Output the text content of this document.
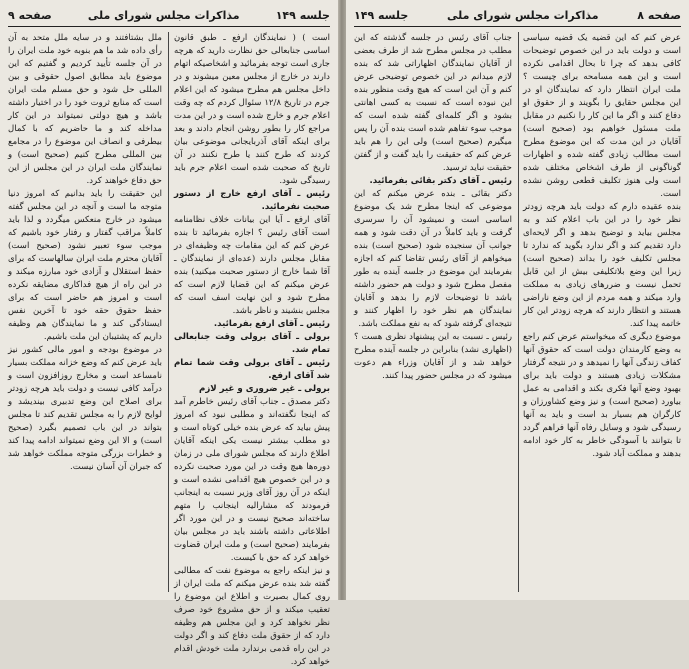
جلسه ۱۴۹
مذاکرات مجلس شورای ملی
صفحه ۹

است ) ( نمایندگان ارفع ـ طبق قانون اساسی جنابعالی حق نظارت دارید که هرچه جاری است توجه بفرمائید و اشخاصیکه اتهام دارند در خارج از مجلس معین میشوند و در داخل مجلس هم مطرح میشود که این اعلام جرم در تاریخ ۱۲/۸ سئوال کردم که چه وقت اعلام جرم و خارج شده است و در این مدت مراجع کار را بطور روشن انجام دادند و بعد برای اینکه آقای آذربایجانی موضوعی بیان کردند که طرح کنند یا طرح نکنند در آن تاریخ که صحبت شده است اعلام جرم باید رسیدگی شود.

رئیس ـ آقای ارفع خارج از دستور صحبت نفرمائید.

آقای ارفع ـ آیا این بیانات خلاف نظامنامه است آقای رئیس ؟ اجازه بفرمائید تا بنده عرض کنم که این مقامات چه وظیفه‌ای در مقابل مجلس دارند (عده‌ای از نمایندگان ـ آقا شما خارج از دستور صحبت میکنید) بنده عرض میکنم که این قضایا لازم است که مطرح شود و این نهایت اسف است که مجلس بنشیند و ناظر باشد.

رئیس ـ آقای ارفع بفرمائید.

برولی ـ آقای برولی وقت جنابعالی تمام شد.

رئیس ـ آقای برولی وقت شما تمام شد آقای ارفع.

برولی ـ غیر ضروری و غیر لازم

دکتر مصدق ـ جناب آقای رئیس خاطرم آمد که اینجا نگفته‌اند و مطلبی نبود که امروز پیش بیاید که عرض بنده خیلی کوتاه است و دو مطلب بیشتر نیست یکی اینکه آقایان اطلاع دارند که مجلس شورای ملی در زمان دوره‌ها هیچ وقت در این مورد صحبت نکرده و در این خصوص هیچ اقدامی نشده است و اینکه در آن روز آقای وزیر نسبت به اینجانب فرمودند که مشارالیه اینجانب را متهم ساخته‌اند صحیح نیست و در این مورد اگر اطلاعاتی داشته باشند باید در مجلس بیان بفرمایند (صحیح است) و ملت ایران قضاوت خواهد کرد که حق با کیست.

و نیز اینکه راجع به موضوع نفت که مطالبی گفته شد بنده عرض میکنم که ملت ایران از روی کمال بصیرت و اطلاع این موضوع را تعقیب میکند و از حق مشروع خود صرف نظر نخواهد کرد و این مجلس هم وظیفه دارد که از حقوق ملت دفاع کند و اگر دولت در این راه قدمی برندارد ملت خودش اقدام خواهد کرد.

ملل بشتافتند و در سایه ملل متحد به آن رأی داده شد ما هم بنوبه خود ملت ایران را در آن جلسه تأیید کردیم و گفتیم که این موضوع باید مطابق اصول حقوقی و بین المللی حل شود و حق مسلم ملت ایران است که منابع ثروت خود را در اختیار داشته باشد و هیچ دولتی نمیتواند در این کار مداخله کند و ما حاضریم که با کمال بیطرفی و انصاف این موضوع را در مجامع بین المللی مطرح کنیم (صحیح است) و نمایندگان ملت ایران در این مجلس از این حق دفاع خواهند کرد.

این حقیقت را باید بدانیم که امروز دنیا متوجه ما است و آنچه در این مجلس گفته میشود در خارج منعکس میگردد و لذا باید کاملاً مراقب گفتار و رفتار خود باشیم که موجب سوء تعبیر نشود (صحیح است) آقایان محترم ملت ایران سالهاست که برای حفظ استقلال و آزادی خود مبارزه میکند و در این راه از هیچ فداکاری مضایقه نکرده است و امروز هم حاضر است که برای حفظ حقوق حقه خود تا آخرین نفس ایستادگی کند و ما نمایندگان هم وظیفه داریم که پشتیبان این ملت باشیم.

در موضوع بودجه و امور مالی کشور نیز باید عرض کنم که وضع خزانه مملکت بسیار نامساعد است و مخارج روزافزون است و درآمد کافی نیست و دولت باید هرچه زودتر برای اصلاح این وضع تدبیری بیندیشد و لوایح لازم را به مجلس تقدیم کند تا مجلس بتواند در این باب تصمیم بگیرد (صحیح است) و الا این وضع نمیتواند ادامه پیدا کند و خطرات بزرگی متوجه مملکت خواهد شد که جبران آن آسان نیست.

صفحه ۸
مذاکرات مجلس شورای ملی
جلسه ۱۴۹

عرض کنم که این قضیه یک قضیه سیاسی است و دولت باید در این خصوص توضیحات کافی بدهد که چرا تا بحال اقدامی نکرده است و این همه مسامحه برای چیست ؟ ملت ایران انتظار دارد که نمایندگان او در این مجلس حقایق را بگویند و از حقوق او دفاع کنند و اگر ما این کار را نکنیم در مقابل ملت مسئول خواهیم بود (صحیح است) آقایان در این مدت که این موضوع مطرح است مطالب زیادی گفته شده و اظهارات گوناگونی از طرف اشخاص مختلف شده است ولی هنوز تکلیف قطعی روشن نشده است.

بنده عقیده دارم که دولت باید هرچه زودتر نظر خود را در این باب اعلام کند و به مجلس بیاید و توضیح بدهد و اگر لایحه‌ای دارد تقدیم کند و اگر ندارد بگوید که ندارد تا مجلس تکلیف خود را بداند (صحیح است) زیرا این وضع بلاتکلیفی بیش از این قابل تحمل نیست و ضررهای زیادی به مملکت وارد میکند و همه مردم از این وضع ناراضی هستند و انتظار دارند که هرچه زودتر این کار خاتمه پیدا کند.

موضوع دیگری که میخواستم عرض کنم راجع به وضع کارمندان دولت است که حقوق آنها کفاف زندگی آنها را نمیدهد و در نتیجه گرفتار مشکلات زیادی هستند و دولت باید برای بهبود وضع آنها فکری بکند و اقدامی به عمل بیاورد (صحیح است) و نیز وضع کشاورزان و کارگران هم بسیار بد است و باید به آنها رسیدگی شود و وسایل رفاه آنها فراهم گردد تا بتوانند با آسودگی خاطر به کار خود ادامه بدهند و مملکت آباد شود.

جناب آقای رئیس در جلسه گذشته که این مطلب در مجلس مطرح شد از طرف بعضی از آقایان نمایندگان اظهاراتی شد که بنده لازم میدانم در این خصوص توضیحی عرض کنم و آن این است که هیچ وقت منظور بنده این نبوده است که نسبت به کسی اهانتی بشود و اگر کلمه‌ای گفته شده است که موجب سوء تفاهم شده است بنده آن را پس میگیرم (صحیح است) ولی این را هم باید عرض کنم که حقیقت را باید گفت و از گفتن حقیقت نباید ترسید.

رئیس ـ آقای دکتر بقائی بفرمائید.

دکتر بقائی ـ بنده عرض میکنم که این موضوعی که اینجا مطرح شد یک موضوع اساسی است و نمیشود آن را سرسری گرفت و باید کاملاً در آن دقت شود و همه جوانب آن سنجیده شود (صحیح است) بنده میخواهم از آقای رئیس تقاضا کنم که اجازه بفرمایند این موضوع در جلسه آینده به طور مفصل مطرح شود و دولت هم حضور داشته باشد تا توضیحات لازم را بدهد و آقایان نمایندگان هم نظر خود را اظهار کنند و نتیجه‌ای گرفته شود که به نفع مملکت باشد.

رئیس ـ نسبت به این پیشنهاد نظری هست ؟ (اظهاری نشد) بنابراین در جلسه آینده مطرح خواهد شد و از آقایان وزراء هم دعوت میشود که در مجلس حضور پیدا کنند.
